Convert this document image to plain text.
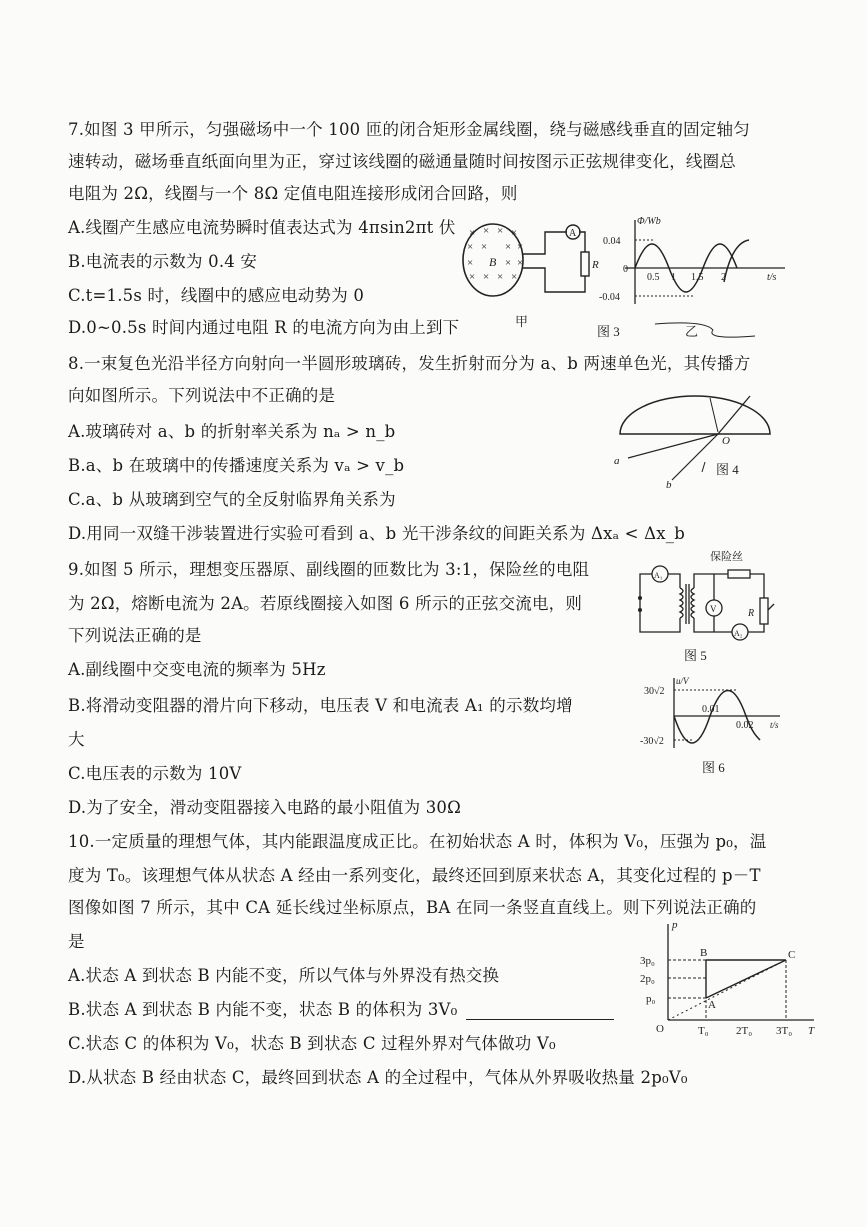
7.如图 3 甲所示，匀强磁场中一个 100 匝的闭合矩形金属线圈，绕与磁感线垂直的固定轴匀
速转动，磁场垂直纸面向里为正，穿过该线圈的磁通量随时间按图示正弦规律变化，线圈总
电阻为 2Ω，线圈与一个 8Ω 定值电阻连接形成闭合回路，则
A.线圈产生感应电流势瞬时值表达式为 4πsin2πt 伏
B.电流表的示数为 0.4 安
C.t=1.5s 时，线圈中的感应电动势为 0
D.0~0.5s 时间内通过电阻 R 的电流方向为由上到下
× × × ×
× × × ×
×	× ×
× × × ×
B
A
R
甲
Φ/Wb
t/s
0.04
-0.04
0
0.5 1 1.5 2
图 3	乙
8.一束复色光沿半径方向射向一半圆形玻璃砖，发生折射而分为 a、b 两速单色光，其传播方
向如图所示。下列说法中不正确的是
A.玻璃砖对 a、b 的折射率关系为 nₐ > n_b
B.a、b 在玻璃中的传播速度关系为 vₐ > v_b
C.a、b 从玻璃到空气的全反射临界角关系为
D.用同一双缝干涉装置进行实验可看到 a、b 光干涉条纹的间距关系为 Δxₐ < Δx_b
O
a
b
图 4
9.如图 5 所示，理想变压器原、副线圈的匝数比为 3:1，保险丝的电阻
为 2Ω，熔断电流为 2A。若原线圈接入如图 6 所示的正弦交流电，则
下列说法正确的是
A.副线圈中交变电流的频率为 5Hz
B.将滑动变阻器的滑片向下移动，电压表 V 和电流表 A₁ 的示数均增
大
C.电压表的示数为 10V
D.为了安全，滑动变阻器接入电路的最小阻值为 30Ω
保险丝
A₁
V	R
A₂
图 5
u/V
t/s
30√2
-30√2
0.01
0.02
图 6
10.一定质量的理想气体，其内能跟温度成正比。在初始状态 A 时，体积为 V₀，压强为 p₀，温
度为 T₀。该理想气体从状态 A 经由一系列变化，最终还回到原来状态 A，其变化过程的 p－T
图像如图 7 所示，其中 CA 延长线过坐标原点，BA 在同一条竖直直线上。则下列说法正确的
是
A.状态 A 到状态 B 内能不变，所以气体与外界没有热交换
B.状态 A 到状态 B 内能不变，状态 B 的体积为 3V₀
C.状态 C 的体积为 V₀，状态 B 到状态 C 过程外界对气体做功 V₀
D.从状态 B 经由状态 C，最终回到状态 A 的全过程中，气体从外界吸收热量 2p₀V₀
p
T
O
3p₀
2p₀
p₀
T₀ 2T₀ 3T₀
A
B	C
